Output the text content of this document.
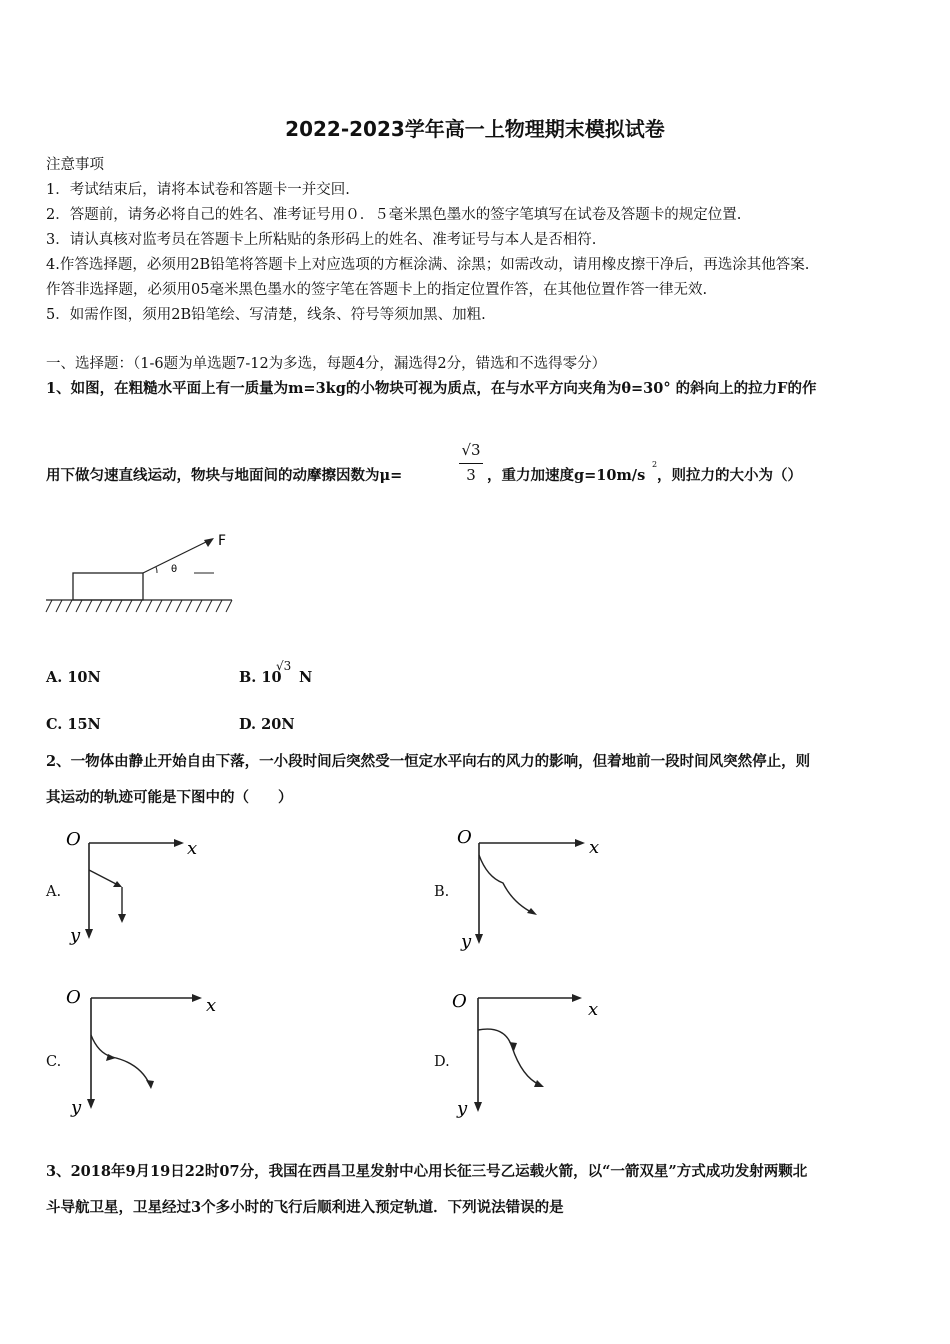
2022-2023学年高一上物理期末模拟试卷
注意事项
1．考试结束后，请将本试卷和答题卡一并交回.
2．答题前，请务必将自己的姓名、准考证号用０．５毫米黑色墨水的签字笔填写在试卷及答题卡的规定位置.
3．请认真核对监考员在答题卡上所粘贴的条形码上的姓名、准考证号与本人是否相符.
4.作答选择题，必须用2B铅笔将答题卡上对应选项的方框涂满、涂黑；如需改动，请用橡皮擦干净后，再选涂其他答案.
作答非选择题，必须用05毫米黑色墨水的签字笔在答题卡上的指定位置作答，在其他位置作答一律无效.
5．如需作图，须用2B铅笔绘、写清楚，线条、符号等须加黑、加粗.
一、选择题：（1-6题为单选题7-12为多选，每题4分，漏选得2分，错选和不选得零分）
1、如图，在粗糙水平面上有一质量为m=3kg的小物块可视为质点，在与水平方向夹角为θ=30° 的斜向上的拉力F的作
用下做匀速直线运动，物块与地面间的动摩擦因数为μ=
√3
3 ，重力加速度g=10m/s
2
，则拉力的大小为（）
F
θ
A. 10N	B. 10
√3
N
C. 15N	D. 20N
2、一物体由静止开始自由下落，一小段时间后突然受一恒定水平向右的风力的影响，但着地前一段时间风突然停止，则
其运动的轨迹可能是下图中的（　　）
A.
O	x
y
B.
O	x
y
C.
O	x
y
D.
O	x
y
3、2018年9月19日22时07分，我国在西昌卫星发射中心用长征三号乙运载火箭，以“一箭双星”方式成功发射两颗北
斗导航卫星，卫星经过3个多小时的飞行后顺利进入预定轨道．下列说法错误的是
